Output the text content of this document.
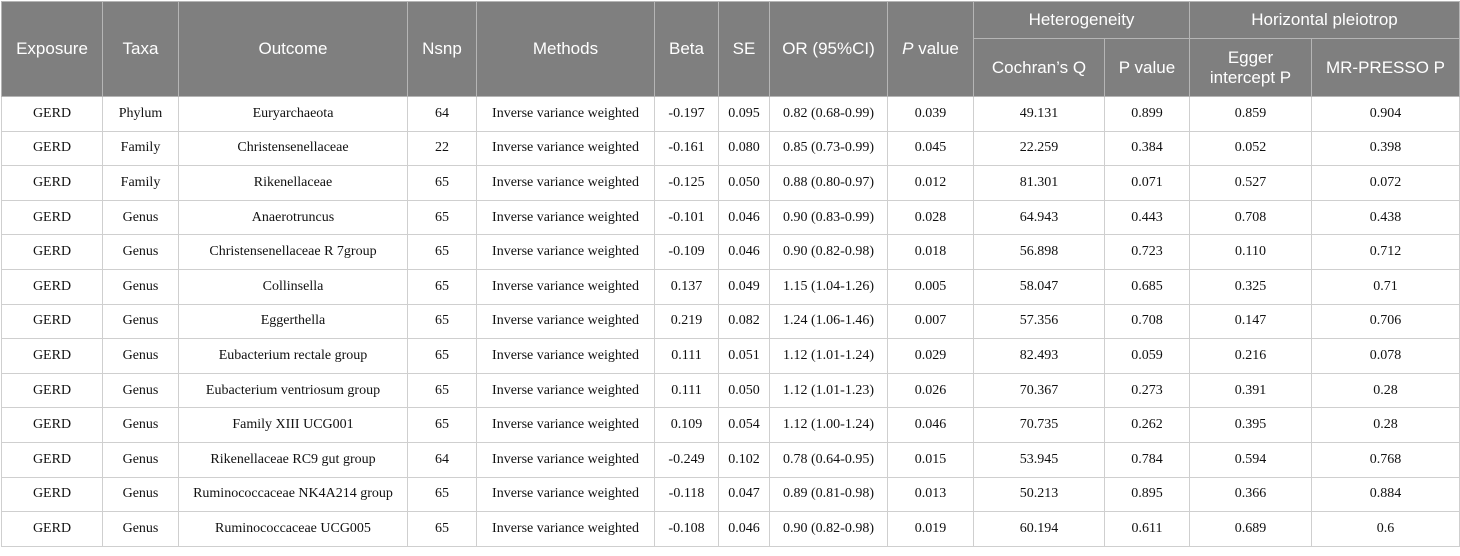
Exposure	Taxa	Outcome	Nsnp	Methods	Beta	SE	OR (95%CI)	P value	Heterogeneity		Horizontal pleiotrop	
									Cochran’s Q	P value	Egger intercept P	MR-PRESSO P
GERD	Phylum	Euryarchaeota	64	Inverse variance weighted	-0.197	0.095	0.82 (0.68-0.99)	0.039	49.131	0.899	0.859	0.904
GERD	Family	Christensenellaceae	22	Inverse variance weighted	-0.161	0.080	0.85 (0.73-0.99)	0.045	22.259	0.384	0.052	0.398
GERD	Family	Rikenellaceae	65	Inverse variance weighted	-0.125	0.050	0.88 (0.80-0.97)	0.012	81.301	0.071	0.527	0.072
GERD	Genus	Anaerotruncus	65	Inverse variance weighted	-0.101	0.046	0.90 (0.83-0.99)	0.028	64.943	0.443	0.708	0.438
GERD	Genus	Christensenellaceae R 7group	65	Inverse variance weighted	-0.109	0.046	0.90 (0.82-0.98)	0.018	56.898	0.723	0.110	0.712
GERD	Genus	Collinsella	65	Inverse variance weighted	0.137	0.049	1.15 (1.04-1.26)	0.005	58.047	0.685	0.325	0.71
GERD	Genus	Eggerthella	65	Inverse variance weighted	0.219	0.082	1.24 (1.06-1.46)	0.007	57.356	0.708	0.147	0.706
GERD	Genus	Eubacterium rectale group	65	Inverse variance weighted	0.111	0.051	1.12 (1.01-1.24)	0.029	82.493	0.059	0.216	0.078
GERD	Genus	Eubacterium ventriosum group	65	Inverse variance weighted	0.111	0.050	1.12 (1.01-1.23)	0.026	70.367	0.273	0.391	0.28
GERD	Genus	Family XIII UCG001	65	Inverse variance weighted	0.109	0.054	1.12 (1.00-1.24)	0.046	70.735	0.262	0.395	0.28
GERD	Genus	Rikenellaceae RC9 gut group	64	Inverse variance weighted	-0.249	0.102	0.78 (0.64-0.95)	0.015	53.945	0.784	0.594	0.768
GERD	Genus	Ruminococcaceae NK4A214 group	65	Inverse variance weighted	-0.118	0.047	0.89 (0.81-0.98)	0.013	50.213	0.895	0.366	0.884
GERD	Genus	Ruminococcaceae UCG005	65	Inverse variance weighted	-0.108	0.046	0.90 (0.82-0.98)	0.019	60.194	0.611	0.689	0.6
